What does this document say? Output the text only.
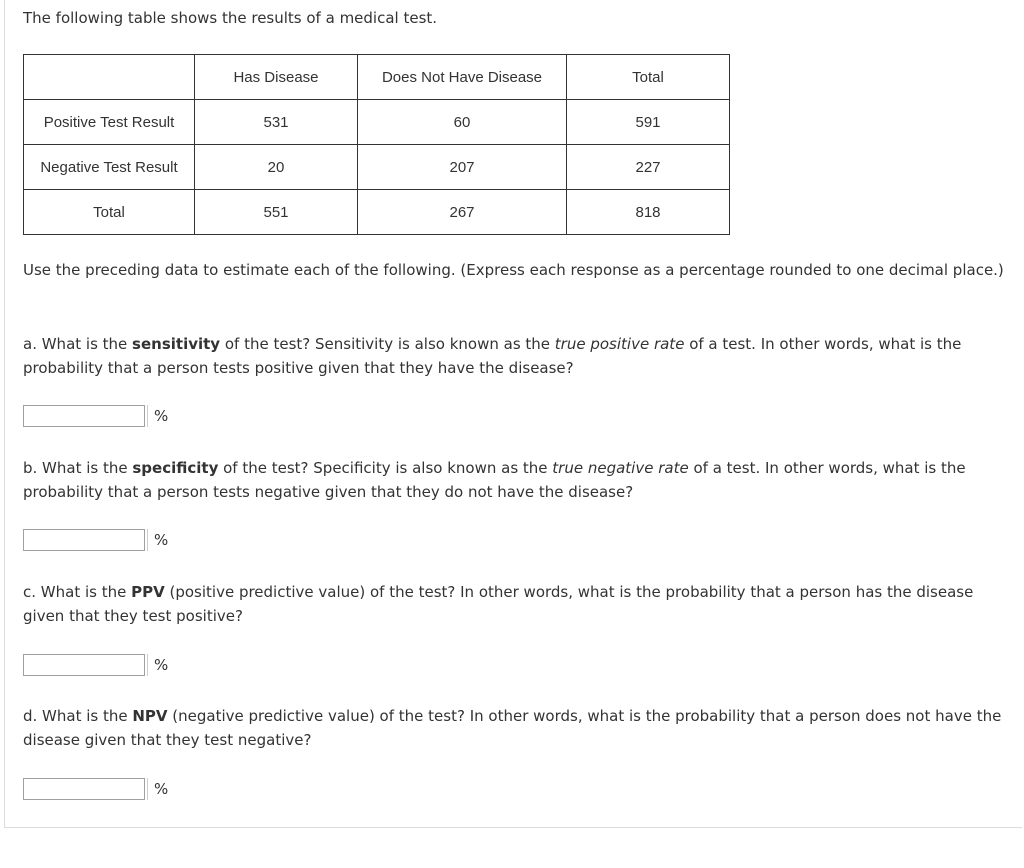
The following table shows the results of a medical test.

	Has Disease	Does Not Have Disease	Total
Positive Test Result	531	60	591
Negative Test Result	20	207	227
Total	551	267	818

Use the preceding data to estimate each of the following. (Express each response as a percentage rounded to one decimal place.)

a. What is the sensitivity of the test? Sensitivity is also known as the true positive rate of a test. In other words, what is the probability that a person tests positive given that they have the disease?

%

b. What is the specificity of the test? Specificity is also known as the true negative rate of a test. In other words, what is the probability that a person tests negative given that they do not have the disease?

%

c. What is the PPV (positive predictive value) of the test? In other words, what is the probability that a person has the disease given that they test positive?

%

d. What is the NPV (negative predictive value) of the test? In other words, what is the probability that a person does not have the disease given that they test negative?

%
